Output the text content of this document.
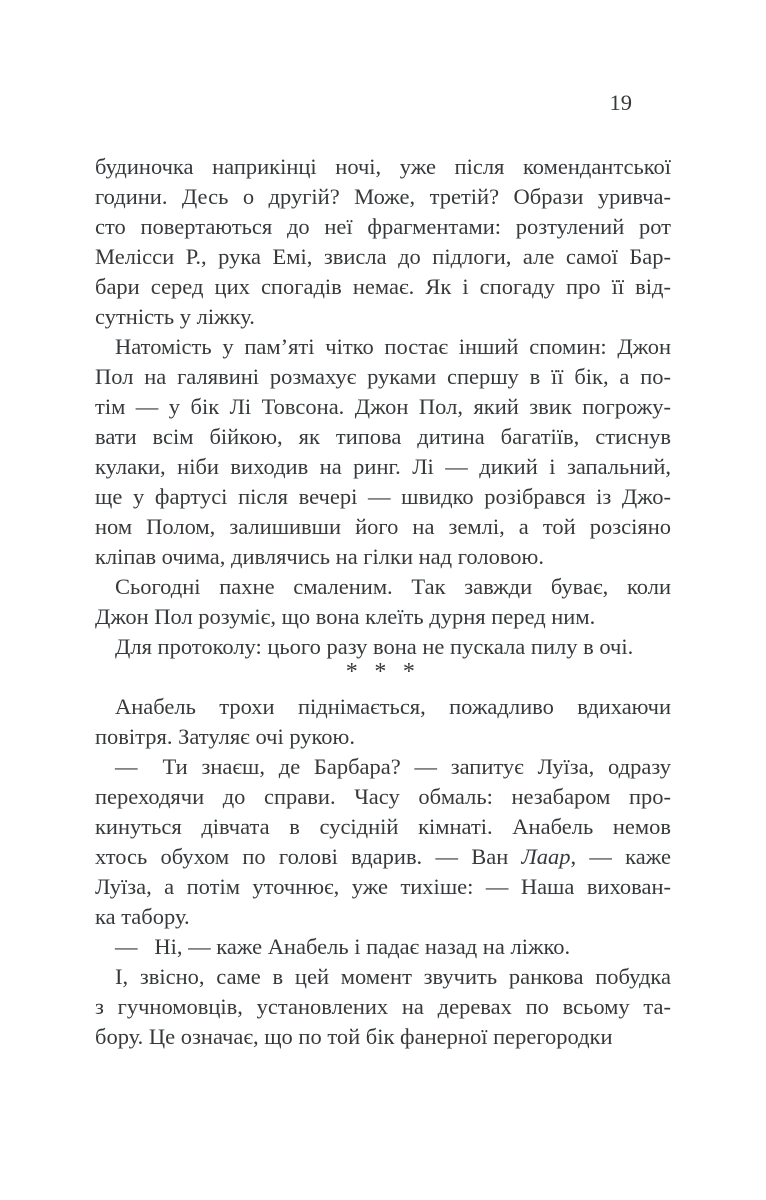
19
будиночка наприкінці ночі, уже після комендантської
години. Десь о другій? Може, третій? Образи уривча-
сто повертаються до неї фрагментами: розтулений рот
Мелісси Р., рука Емі, звисла до підлоги, але самої Бар-
бари серед цих спогадів немає. Як і спогаду про її від-
сутність у ліжку.
Натомість у пам’яті чітко постає інший спомин: Джон
Пол на галявині розмахує руками спершу в її бік, а по-
тім — у бік Лі Товсона. Джон Пол, який звик погрожу-
вати всім бійкою, як типова дитина багатіїв, стиснув
кулаки, ніби виходив на ринг. Лі — дикий і запальний,
ще у фартусі після вечері — швидко розібрався із Джо-
ном Полом, залишивши його на землі, а той розсіяно
кліпав очима, дивлячись на гілки над головою.
Сьогодні пахне смаленим. Так завжди буває, коли
Джон Пол розуміє, що вона клеїть дурня перед ним.
Для протоколу: цього разу вона не пускала пилу в очі.
* * *
Анабель трохи піднімається, пожадливо вдихаючи
повітря. Затуляє очі рукою.
—  Ти знаєш, де Барбара? — запитує Луїза, одразу
переходячи до справи. Часу обмаль: незабаром про-
кинуться дівчата в сусідній кімнаті. Анабель немов
хтось обухом по голові вдарив. — Ван Лаар, — каже
Луїза, а потім уточнює, уже тихіше: — Наша вихован-
ка табору.
—  Ні, — каже Анабель і падає назад на ліжко.
І, звісно, саме в цей момент звучить ранкова побудка
з гучномовців, установлених на деревах по всьому та-
бору. Це означає, що по той бік фанерної перегородки
